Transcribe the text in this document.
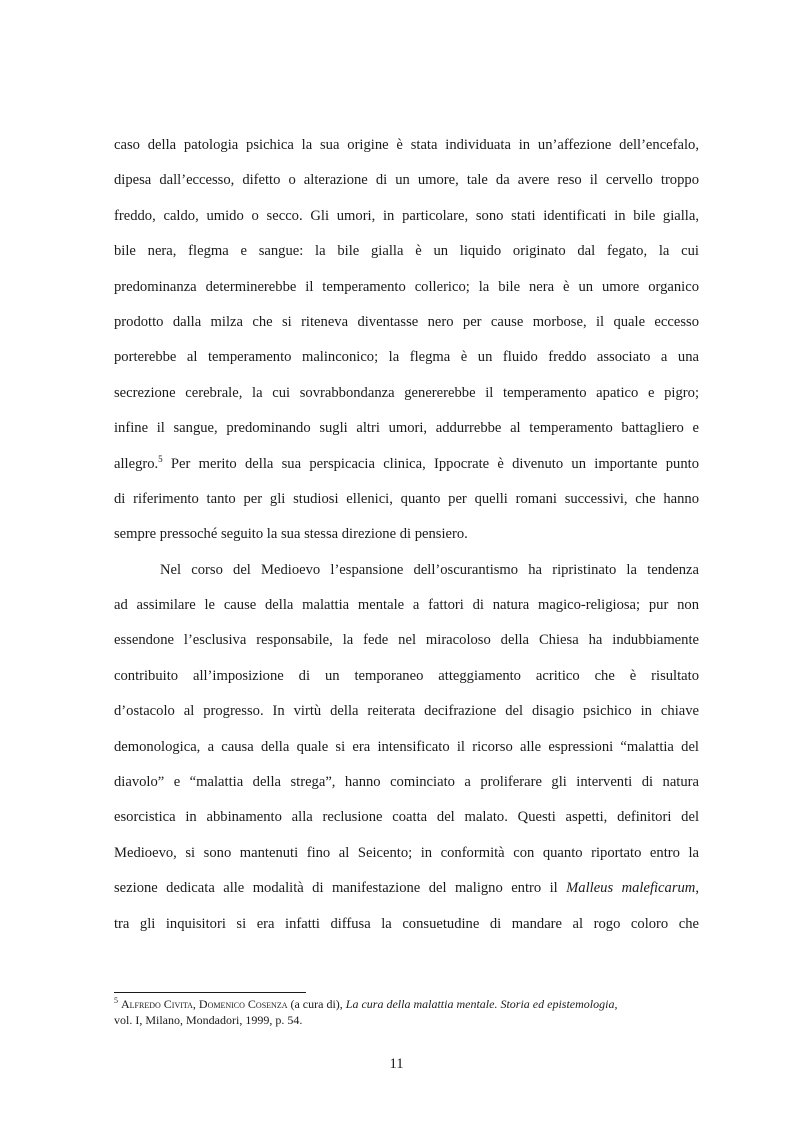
caso della patologia psichica la sua origine è stata individuata in un’affezione dell’encefalo,
dipesa dall’eccesso, difetto o alterazione di un umore, tale da avere reso il cervello troppo
freddo, caldo, umido o secco. Gli umori, in particolare, sono stati identificati in bile gialla,
bile nera, flegma e sangue: la bile gialla è un liquido originato dal fegato, la cui
predominanza determinerebbe il temperamento collerico; la bile nera è un umore organico
prodotto dalla milza che si riteneva diventasse nero per cause morbose, il quale eccesso
porterebbe al temperamento malinconico; la flegma è un fluido freddo associato a una
secrezione cerebrale, la cui sovrabbondanza genererebbe il temperamento apatico e pigro;
infine il sangue, predominando sugli altri umori, addurrebbe al temperamento battagliero e
allegro.$^5$ Per merito della sua perspicacia clinica, Ippocrate è divenuto un importante punto
di riferimento tanto per gli studiosi ellenici, quanto per quelli romani successivi, che hanno
sempre pressoché seguito la sua stessa direzione di pensiero.
Nel corso del Medioevo l’espansione dell’oscurantismo ha ripristinato la tendenza
ad assimilare le cause della malattia mentale a fattori di natura magico-religiosa; pur non
essendone l’esclusiva responsabile, la fede nel miracoloso della Chiesa ha indubbiamente
contribuito all’imposizione di un temporaneo atteggiamento acritico che è risultato
d’ostacolo al progresso. In virtù della reiterata decifrazione del disagio psichico in chiave
demonologica, a causa della quale si era intensificato il ricorso alle espressioni “malattia del
diavolo” e “malattia della strega”, hanno cominciato a proliferare gli interventi di natura
esorcistica in abbinamento alla reclusione coatta del malato. Questi aspetti, definitori del
Medioevo, si sono mantenuti fino al Seicento; in conformità con quanto riportato entro la
sezione dedicata alle modalità di manifestazione del maligno entro il Malleus maleficarum,
tra gli inquisitori si era infatti diffusa la consuetudine di mandare al rogo coloro che
$^5$ Alfredo Civita, Domenico Cosenza (a cura di), La cura della malattia mentale. Storia ed epistemologia,
vol. I, Milano, Mondadori, 1999, p. 54.
11
